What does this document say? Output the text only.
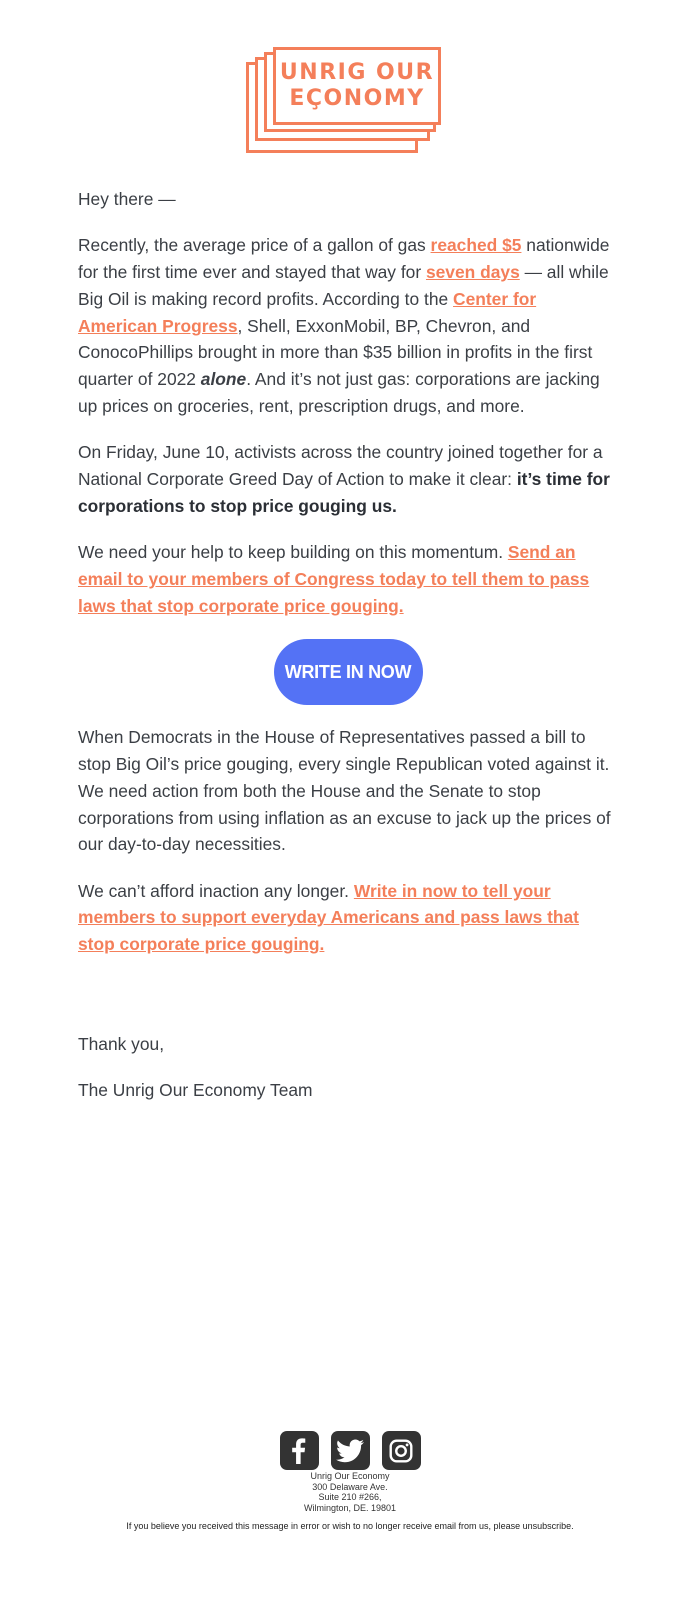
UNRIG OUR
EÇONOMY

Hey there —

Recently, the average price of a gallon of gas reached $5 nationwide for the first time ever and stayed that way for seven days — all while Big Oil is making record profits. According to the Center for American Progress, Shell, ExxonMobil, BP, Chevron, and ConocoPhillips brought in more than $35 billion in profits in the first quarter of 2022 alone. And it’s not just gas: corporations are jacking up prices on groceries, rent, prescription drugs, and more.

On Friday, June 10, activists across the country joined together for a National Corporate Greed Day of Action to make it clear: it’s time for corporations to stop price gouging us.

We need your help to keep building on this momentum. Send an email to your members of Congress today to tell them to pass laws that stop corporate price gouging.

WRITE IN NOW

When Democrats in the House of Representatives passed a bill to stop Big Oil’s price gouging, every single Republican voted against it. We need action from both the House and the Senate to stop corporations from using inflation as an excuse to jack up the prices of our day-to-day necessities.

We can’t afford inaction any longer. Write in now to tell your members to support everyday Americans and pass laws that stop corporate price gouging.

Thank you,

The Unrig Our Economy Team

Unrig Our Economy
300 Delaware Ave.
Suite 210 #266,
Wilmington, DE. 19801
If you believe you received this message in error or wish to no longer receive email from us, please unsubscribe.
